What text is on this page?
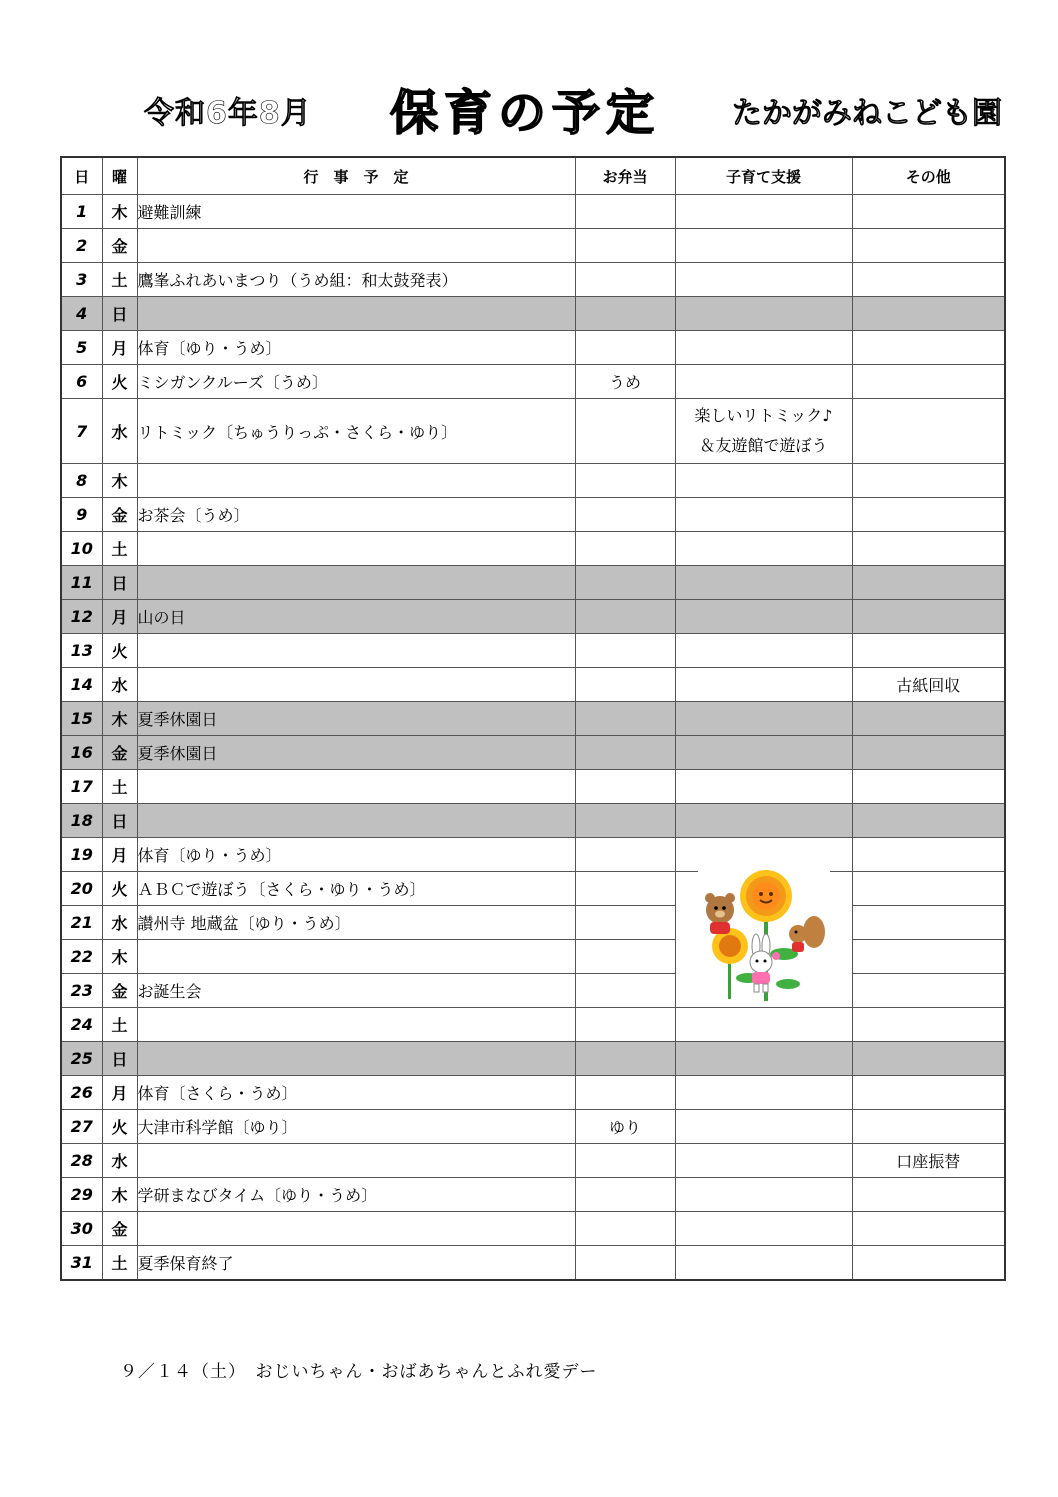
令和6年8月 保育の予定 たかがみねこども園
日	曜	行　事　予　定	お弁当	子育て支援	その他
1	木	避難訓練			
2	金				
3	土	鷹峯ふれあいまつり（うめ組：和太鼓発表）			
4	日				
5	月	体育〔ゆり・うめ〕			
6	火	ミシガンクルーズ〔うめ〕	うめ		
7	水	リトミック〔ちゅうりっぷ・さくら・ゆり〕		楽しいリトミック♪
＆友遊館で遊ぼう	

8	木				
9	金	お茶会〔うめ〕			
10	土				
11	日				
12	月	山の日			
13	火				
14	水				古紙回収
15	木	夏季休園日			
16	金	夏季休園日			
17	土				
18	日				
19	月	体育〔ゆり・うめ〕			
20	火	ＡＢＣで遊ぼう〔さくら・ゆり・うめ〕		

21	水	讃州寺 地蔵盆〔ゆり・うめ〕			
22	木				
23	金	お誕生会			
24	土				
25	日				
26	月	体育〔さくら・うめ〕			
27	火	大津市科学館〔ゆり〕	ゆり		
28	水				口座振替
29	木	学研まなびタイム〔ゆり・うめ〕			
30	金				
31	土	夏季保育終了			
９／１４（土）　おじいちゃん・おばあちゃんとふれ愛デー
